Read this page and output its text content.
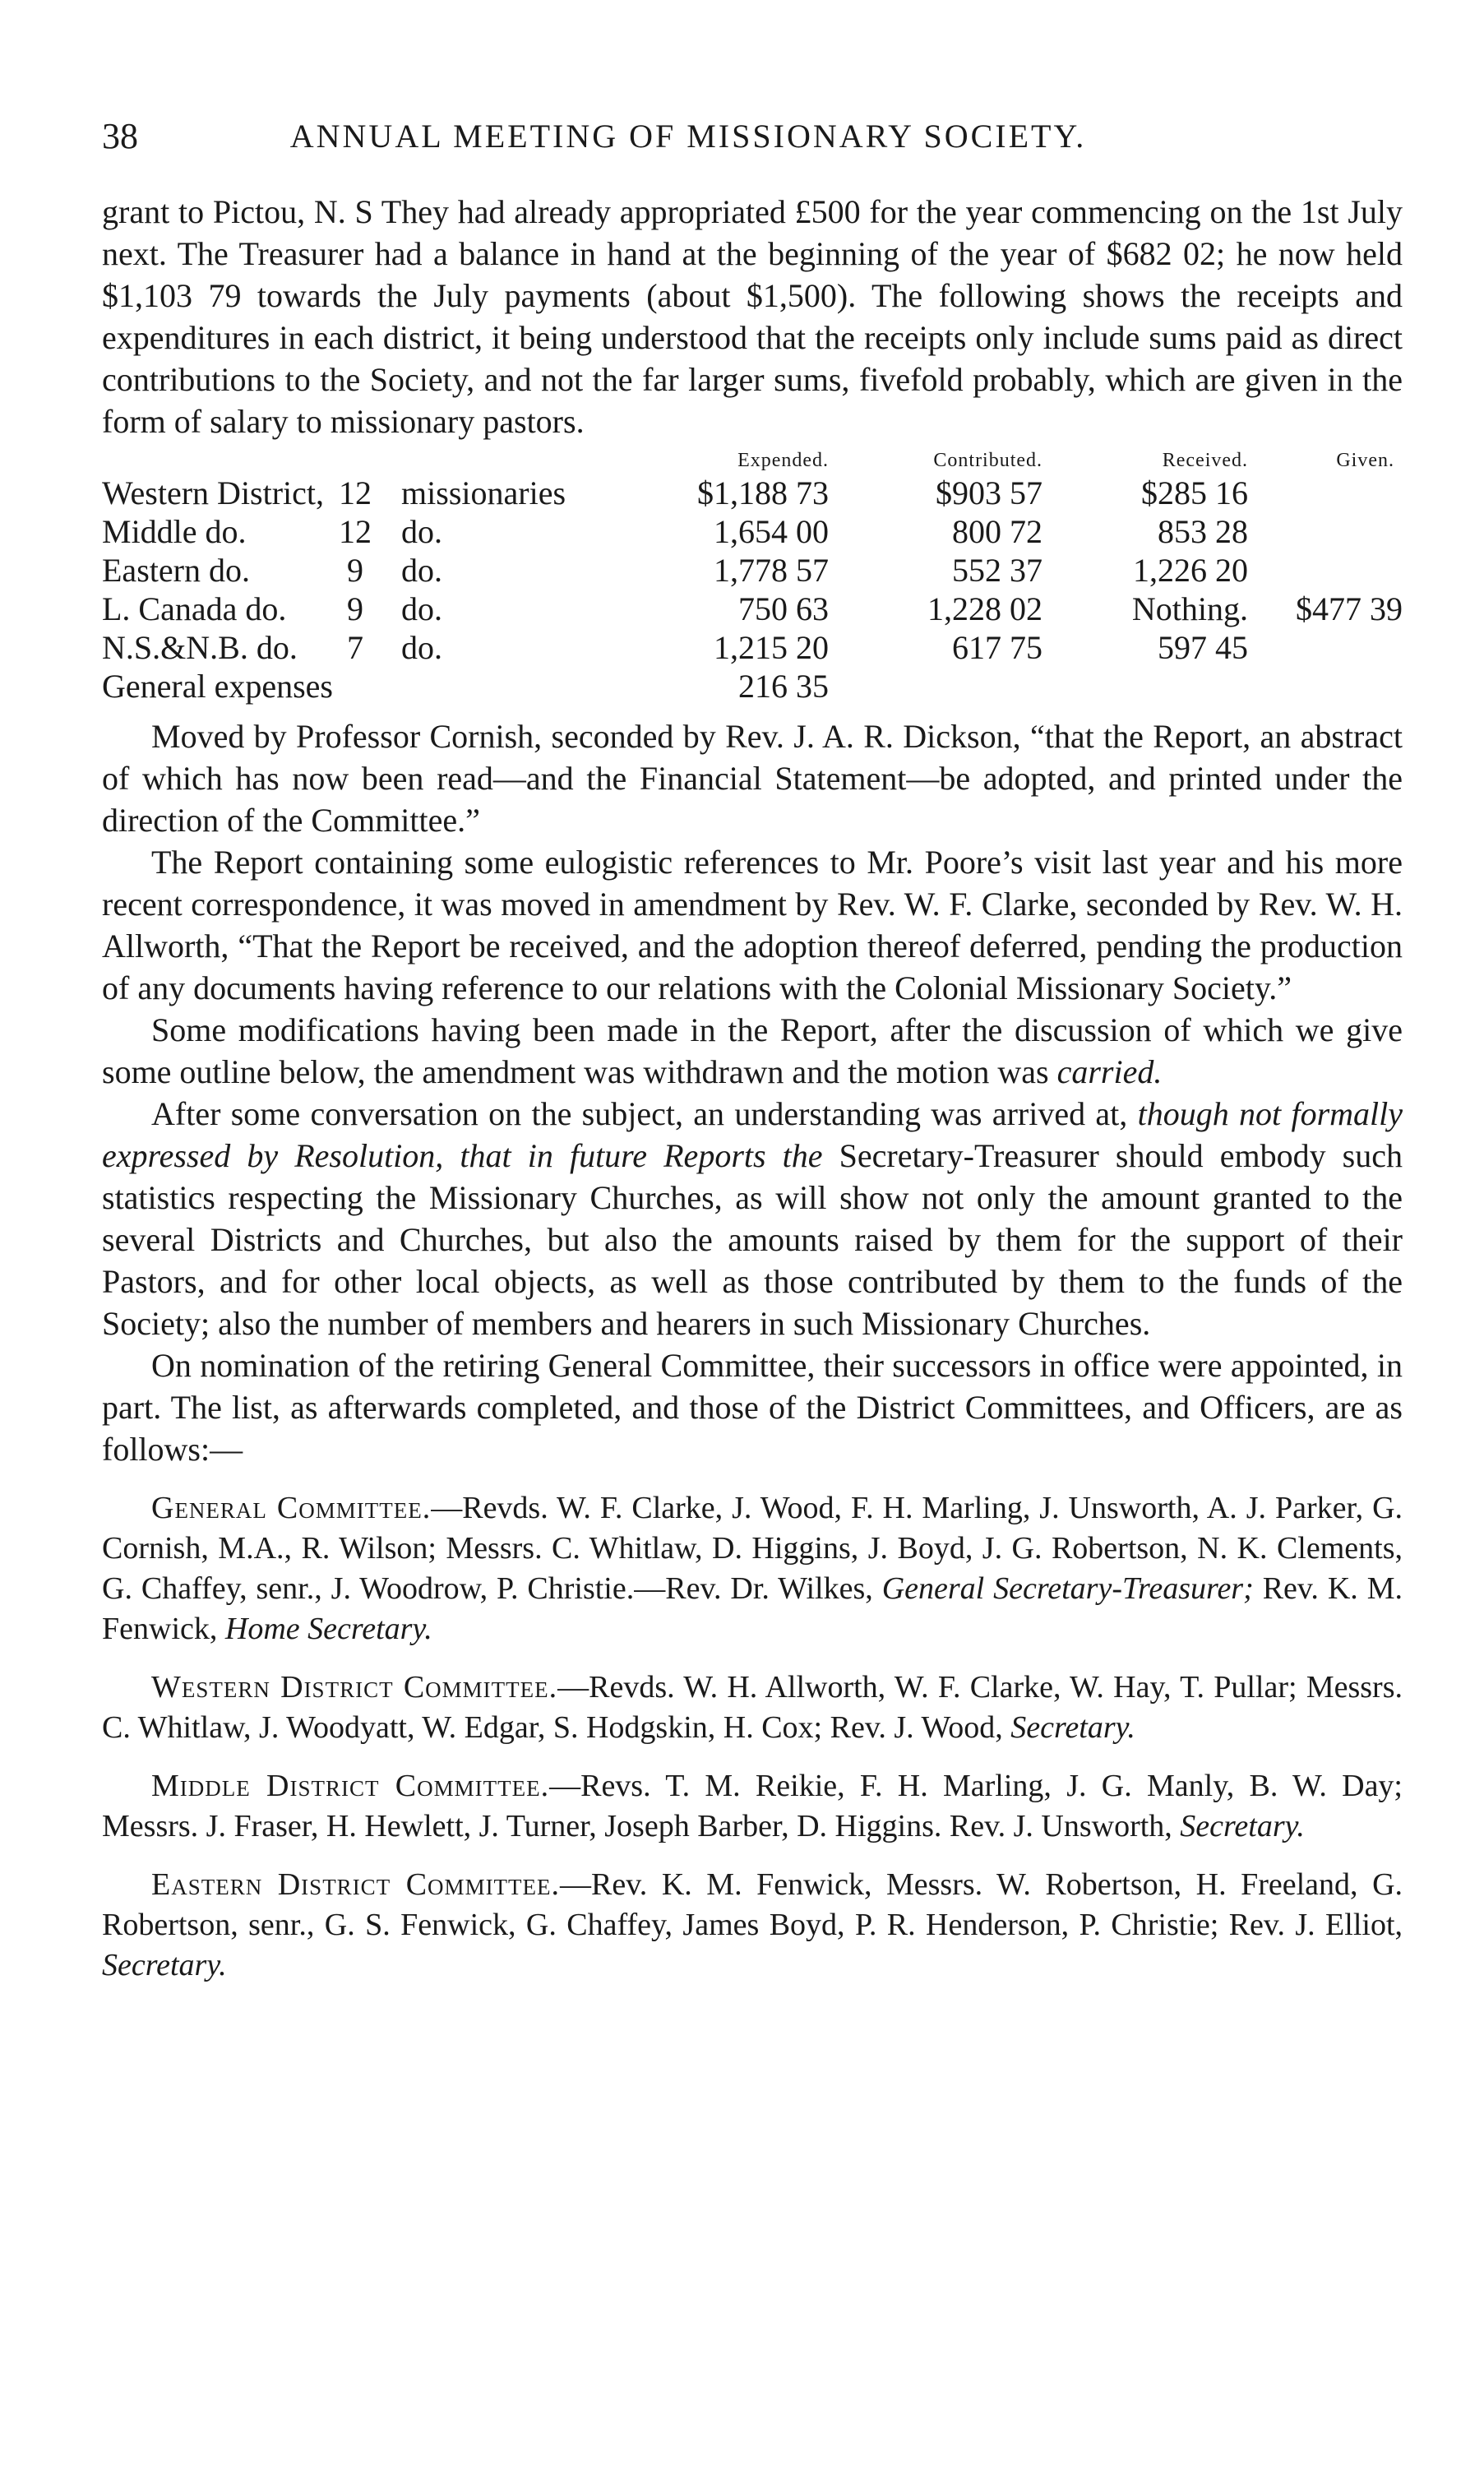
38	ANNUAL MEETING OF MISSIONARY SOCIETY.

grant to Pictou, N. S They had already appropriated £500 for the year commencing on the 1st July next. The Treasurer had a balance in hand at the beginning of the year of $682 02; he now held $1,103 79 towards the July payments (about $1,500). The following shows the receipts and expenditures in each district, it being understood that the receipts only include sums paid as direct contributions to the Society, and not the far larger sums, fivefold probably, which are given in the form of salary to missionary pastors.

			Expended.	Contributed.	Received.	Given.
Western District,	12	missionaries	$1,188 73	$903 57	$285 16	
Middle do.	12	do.	1,654 00	800 72	853 28	
Eastern do.	9	do.	1,778 57	552 37	1,226 20	
L. Canada do.	9	do.	750 63	1,228 02	Nothing.	$477 39
N.S.&N.B. do.	7	do.	1,215 20	617 75	597 45	
General expenses			216 35			

Moved by Professor Cornish, seconded by Rev. J. A. R. Dickson, “that the Report, an abstract of which has now been read—and the Financial Statement—be adopted, and printed under the direction of the Committee.”

The Report containing some eulogistic references to Mr. Poore’s visit last year and his more recent correspondence, it was moved in amendment by Rev. W. F. Clarke, seconded by Rev. W. H. Allworth, “That the Report be received, and the adoption thereof deferred, pending the production of any documents having reference to our relations with the Colonial Missionary Society.”

Some modifications having been made in the Report, after the discussion of which we give some outline below, the amendment was withdrawn and the motion was carried.

After some conversation on the subject, an understanding was arrived at, though not formally expressed by Resolution, that in future Reports the Secretary-Treasurer should embody such statistics respecting the Missionary Churches, as will show not only the amount granted to the several Districts and Churches, but also the amounts raised by them for the support of their Pastors, and for other local objects, as well as those contributed by them to the funds of the Society; also the number of members and hearers in such Missionary Churches.

On nomination of the retiring General Committee, their successors in office were appointed, in part. The list, as afterwards completed, and those of the District Committees, and Officers, are as follows:—

General Committee.—Revds. W. F. Clarke, J. Wood, F. H. Marling, J. Unsworth, A. J. Parker, G. Cornish, M.A., R. Wilson; Messrs. C. Whitlaw, D. Higgins, J. Boyd, J. G. Robertson, N. K. Clements, G. Chaffey, senr., J. Woodrow, P. Christie.—Rev. Dr. Wilkes, General Secretary-Treasurer; Rev. K. M. Fenwick, Home Secretary.

Western District Committee.—Revds. W. H. Allworth, W. F. Clarke, W. Hay, T. Pullar; Messrs. C. Whitlaw, J. Woodyatt, W. Edgar, S. Hodgskin, H. Cox; Rev. J. Wood, Secretary.

Middle District Committee.—Revs. T. M. Reikie, F. H. Marling, J. G. Manly, B. W. Day; Messrs. J. Fraser, H. Hewlett, J. Turner, Joseph Barber, D. Higgins. Rev. J. Unsworth, Secretary.

Eastern District Committee.—Rev. K. M. Fenwick, Messrs. W. Robertson, H. Freeland, G. Robertson, senr., G. S. Fenwick, G. Chaffey, James Boyd, P. R. Henderson, P. Christie; Rev. J. Elliot, Secretary.
